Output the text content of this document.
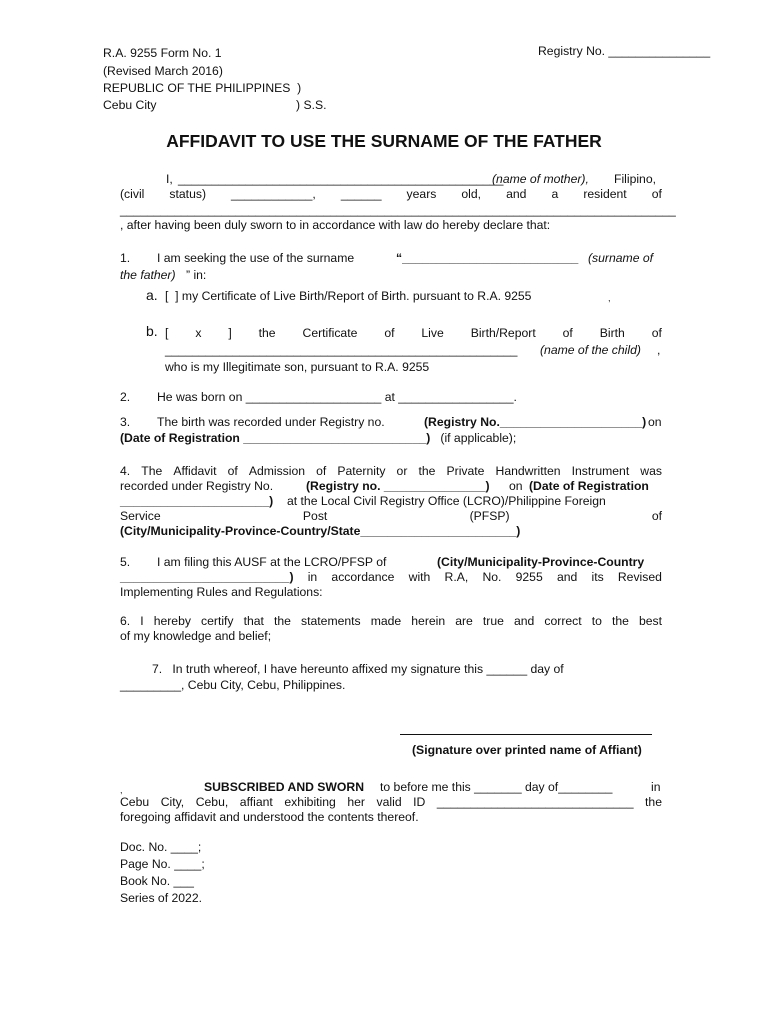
R.A. 9255 Form No. 1
(Revised March 2016)
REPUBLIC OF THE PHILIPPINES  )
Cebu City	) S.S.
Registry No. _______________
AFFIDAVIT TO USE THE SURNAME OF THE FATHER
I, ________________________________________________
(name of mother), Filipino,
(civil status) ____________, ______ years old, and a resident of
__________________________________________________________________________________
, after having been duly sworn to in accordance with law do hereby declare that:
1. I am seeking the use of the surname	“__________________________ (surname of
the father) ” in:
a. [  ] my Certificate of Live Birth/Report of Birth. pursuant to R.A. 9255	,
b. [ x ] the Certificate of Live Birth/Report of Birth of
____________________________________________________ (name of the child) ,
who is my Illegitimate son, pursuant to R.A. 9255
2. He was born on ____________________ at _________________.
3. The birth was recorded under Registry no.	(Registry No._____________________) on
(Date of Registration ___________________________) (if applicable);
4. The Affidavit of Admission of Paternity or the Private Handwritten Instrument was
recorded under Registry No.	(Registry no. _______________) on (Date of Registration
______________________) at the Local Civil Registry Office (LCRO)/Philippine Foreign
Service	Post	(PFSP)	of
(City/Municipality-Province-Country/State_______________________)
5. I am filing this AUSF at the LCRO/PFSP of	(City/Municipality-Province-Country
_________________________) in accordance with R.A, No. 9255 and its Revised
Implementing Rules and Regulations:
6. I hereby certify that the statements made herein are true and correct to the best
of my knowledge and belief;
7.   In truth whereof, I have hereunto affixed my signature this ______ day of
_________, Cebu City, Cebu, Philippines.
(Signature over printed name of Affiant)
,	SUBSCRIBED AND SWORN to before me this _______ day of________	in
Cebu City, Cebu, affiant exhibiting her valid ID _____________________________ the
foregoing affidavit and understood the contents thereof.
Doc. No. ____;
Page No. ____;
Book No. ___
Series of 2022.
